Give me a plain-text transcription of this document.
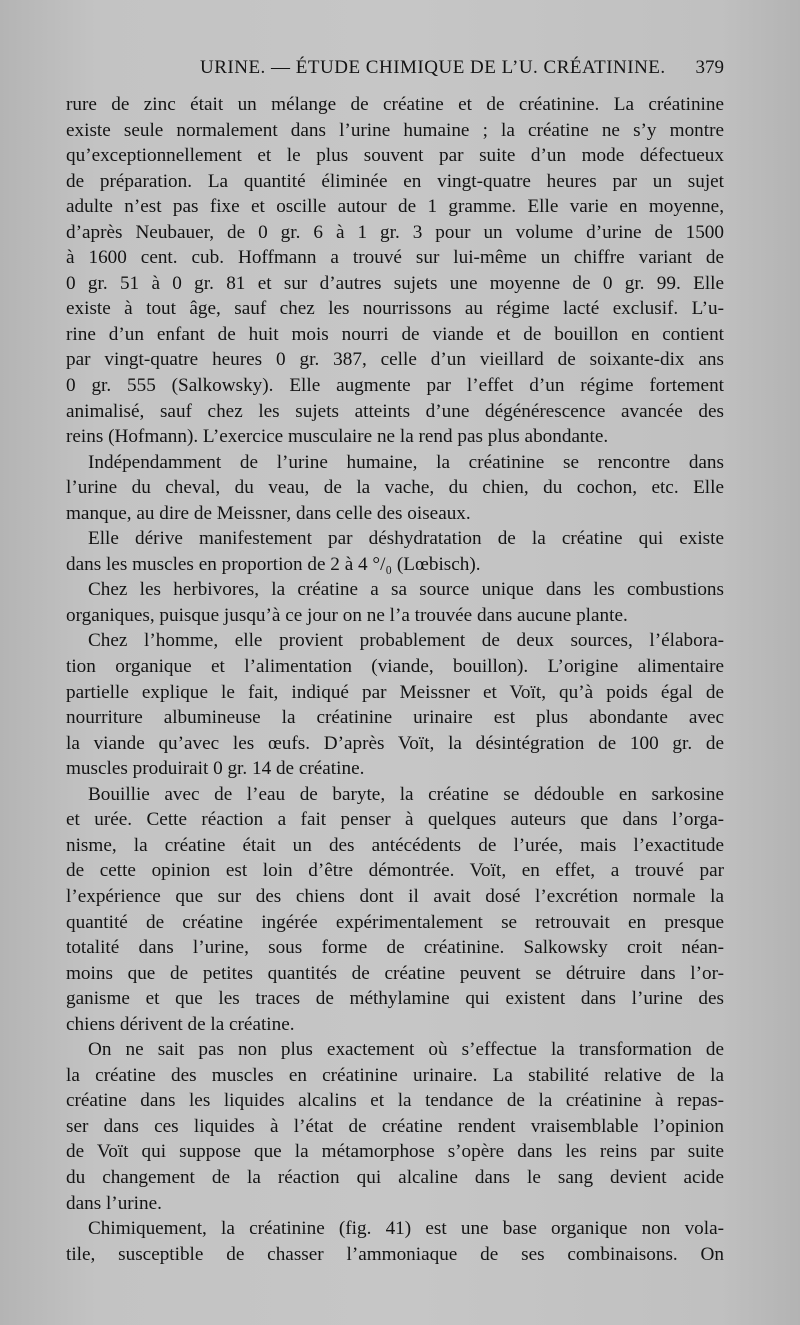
URINE. — ÉTUDE CHIMIQUE DE L’U. CRÉATININE. 379
rure de zinc était un mélange de créatine et de créatinine. La créatinine
existe seule normalement dans l’urine humaine ; la créatine ne s’y montre
qu’exceptionnellement et le plus souvent par suite d’un mode défectueux
de préparation. La quantité éliminée en vingt-quatre heures par un sujet
adulte n’est pas fixe et oscille autour de 1 gramme. Elle varie en moyenne,
d’après Neubauer, de 0 gr. 6 à 1 gr. 3 pour un volume d’urine de 1500
à 1600 cent. cub. Hoffmann a trouvé sur lui-même un chiffre variant de
0 gr. 51 à 0 gr. 81 et sur d’autres sujets une moyenne de 0 gr. 99. Elle
existe à tout âge, sauf chez les nourrissons au régime lacté exclusif. L’u-
rine d’un enfant de huit mois nourri de viande et de bouillon en contient
par vingt-quatre heures 0 gr. 387, celle d’un vieillard de soixante-dix ans
0 gr. 555 (Salkowsky). Elle augmente par l’effet d’un régime fortement
animalisé, sauf chez les sujets atteints d’une dégénérescence avancée des
reins (Hofmann). L’exercice musculaire ne la rend pas plus abondante.
Indépendamment de l’urine humaine, la créatinine se rencontre dans
l’urine du cheval, du veau, de la vache, du chien, du cochon, etc. Elle
manque, au dire de Meissner, dans celle des oiseaux.
Elle dérive manifestement par déshydratation de la créatine qui existe
dans les muscles en proportion de 2 à 4 °/₀ (Lœbisch).
Chez les herbivores, la créatine a sa source unique dans les combustions
organiques, puisque jusqu’à ce jour on ne l’a trouvée dans aucune plante.
Chez l’homme, elle provient probablement de deux sources, l’élabora-
tion organique et l’alimentation (viande, bouillon). L’origine alimentaire
partielle explique le fait, indiqué par Meissner et Voït, qu’à poids égal de
nourriture albumineuse la créatinine urinaire est plus abondante avec
la viande qu’avec les œufs. D’après Voït, la désintégration de 100 gr. de
muscles produirait 0 gr. 14 de créatine.
Bouillie avec de l’eau de baryte, la créatine se dédouble en sarkosine
et urée. Cette réaction a fait penser à quelques auteurs que dans l’orga-
nisme, la créatine était un des antécédents de l’urée, mais l’exactitude
de cette opinion est loin d’être démontrée. Voït, en effet, a trouvé par
l’expérience que sur des chiens dont il avait dosé l’excrétion normale la
quantité de créatine ingérée expérimentalement se retrouvait en presque
totalité dans l’urine, sous forme de créatinine. Salkowsky croit néan-
moins que de petites quantités de créatine peuvent se détruire dans l’or-
ganisme et que les traces de méthylamine qui existent dans l’urine des
chiens dérivent de la créatine.
On ne sait pas non plus exactement où s’effectue la transformation de
la créatine des muscles en créatinine urinaire. La stabilité relative de la
créatine dans les liquides alcalins et la tendance de la créatinine à repas-
ser dans ces liquides à l’état de créatine rendent vraisemblable l’opinion
de Voït qui suppose que la métamorphose s’opère dans les reins par suite
du changement de la réaction qui alcaline dans le sang devient acide
dans l’urine.
Chimiquement, la créatinine (fig. 41) est une base organique non vola-
tile, susceptible de chasser l’ammoniaque de ses combinaisons. On
